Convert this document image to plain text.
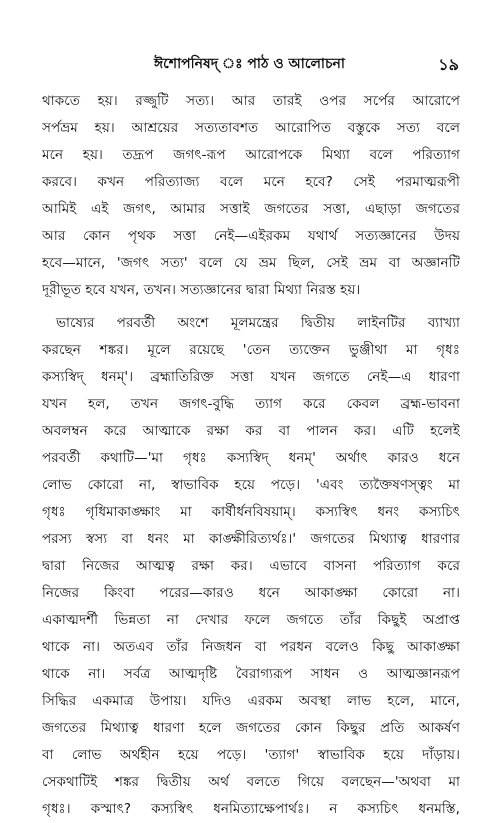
ঈশোপনিষদ্ ঃ পাঠ ও আলোচনা	১৯
থাকতে হয়। রজ্জুটি সত্য। আর তারই ওপর সর্পের আরোপে
সর্পভ্রম হয়। আশ্রয়ের সত্যতাবশত আরোপিত বস্তুকে সত্য বলে
মনে হয়। তদ্রূপ জগৎ-রূপ আরোপকে মিথ্যা বলে পরিত্যাগ
করবে। কখন পরিত্যাজ্য বলে মনে হবে? সেই পরমাত্মরূপী
আমিই এই জগৎ, আমার সত্তাই জগতের সত্তা, এছাড়া জগতের
আর কোন পৃথক সত্তা নেই—এইরকম যথার্থ সত্যজ্ঞানের উদয়
হবে—মানে, 'জগৎ সত্য' বলে যে ভ্রম ছিল, সেই ভ্রম বা অজ্ঞানটি
দূরীভূত হবে যখন, তখন। সত্যজ্ঞানের দ্বারা মিথ্যা নিরস্ত হয়।
ভাষ্যের পরবর্তী অংশে মূলমন্ত্রের দ্বিতীয় লাইনটির ব্যাখ্যা
করছেন শঙ্কর। মূলে রয়েছে 'তেন ত্যক্তেন ভুঞ্জীথা মা গৃধঃ
কস্যস্বিদ্ ধনম্'। ব্রহ্মাতিরিক্ত সত্তা যখন জগতে নেই—এ ধারণা
যখন হল, তখন জগৎ-বুদ্ধি ত্যাগ করে কেবল ব্রহ্ম-ভাবনা
অবলম্বন করে আত্মাকে রক্ষা কর বা পালন কর। এটি হলেই
পরবর্তী কথাটি—'মা গৃধঃ কস্যস্বিদ্ ধনম্' অর্থাৎ কারও ধনে
লোভ কোরো না, স্বাভাবিক হয়ে পড়ে। 'এবং ত্যক্তৈষণস্ত্বং মা
গৃধঃ গৃধিমাকাঙ্ক্ষাং মা কার্ষীর্ধনবিষয়াম্। কস্যস্বিৎ ধনং কস্যচিৎ
পরস্য স্বস্য বা ধনং মা কাঙ্ক্ষীরিত্যর্থঃ।' জগতের মিথ্যাত্ব ধারণার
দ্বারা নিজের আত্মত্ব রক্ষা কর। এভাবে বাসনা পরিত্যাগ করে
নিজের কিংবা পরের—কারও ধনে আকাঙ্ক্ষা কোরো না।
একাত্মদর্শী ভিন্নতা না দেখার ফলে জগতে তাঁর কিছুই অপ্রাপ্ত
থাকে না। অতএব তাঁর নিজধন বা পরধন বলেও কিছু আকাঙ্ক্ষা
থাকে না। সর্বত্র আত্মদৃষ্টি বৈরাগ্যরূপ সাধন ও আত্মজ্ঞানরূপ
সিদ্ধির একমাত্র উপায়। যদিও এরকম অবস্থা লাভ হলে, মানে,
জগতের মিথ্যাত্ব ধারণা হলে জগতের কোন কিছুর প্রতি আকর্ষণ
বা লোভ অর্থহীন হয়ে পড়ে। 'ত্যাগ' স্বাভাবিক হয়ে দাঁড়ায়।
সেকথাটিই শঙ্কর দ্বিতীয় অর্থ বলতে গিয়ে বলছেন—'অথবা মা
গৃধঃ। কস্মাৎ? কস্যস্বিৎ ধনমিত্যাক্ষেপার্থঃ। ন কস্যচিৎ ধনমস্তি,
